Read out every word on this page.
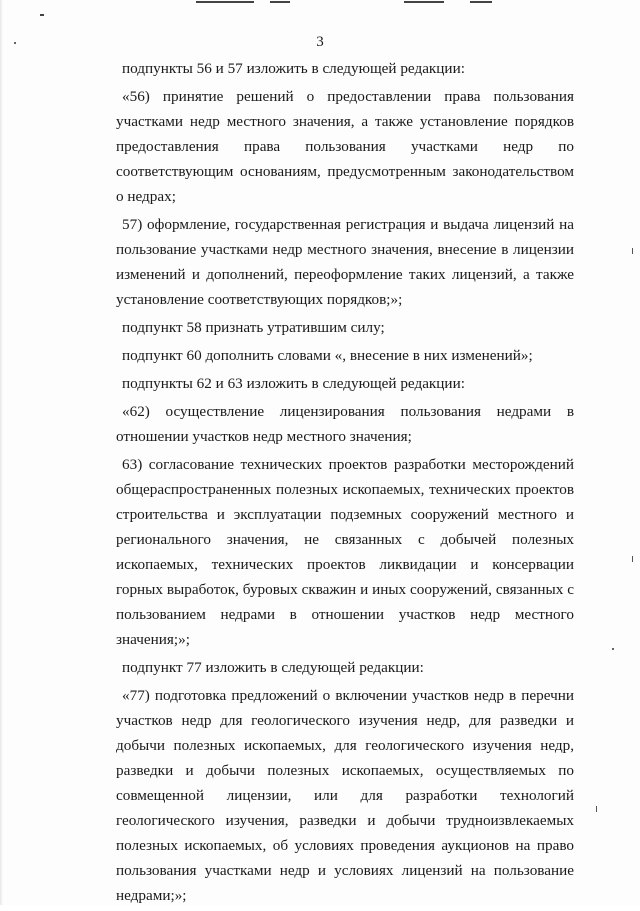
3

подпункты 56 и 57 изложить в следующей редакции:

«56) принятие решений о предоставлении права пользования участками недр местного значения, а также установление порядков предоставления права пользования участками недр по соответствующим основаниям, предусмотренным законодательством о недрах;

57) оформление, государственная регистрация и выдача лицензий на пользование участками недр местного значения, внесение в лицензии изменений и дополнений, переоформление таких лицензий, а также установление соответствующих порядков;»;

подпункт 58 признать утратившим силу;

подпункт 60 дополнить словами «, внесение в них изменений»;

подпункты 62 и 63 изложить в следующей редакции:

«62) осуществление лицензирования пользования недрами в отношении участков недр местного значения;

63) согласование технических проектов разработки месторождений общераспространенных полезных ископаемых, технических проектов строительства и эксплуатации подземных сооружений местного и регионального значения, не связанных с добычей полезных ископаемых, технических проектов ликвидации и консервации горных выработок, буровых скважин и иных сооружений, связанных с пользованием недрами в отношении участков недр местного значения;»;

подпункт 77 изложить в следующей редакции:

«77) подготовка предложений о включении участков недр в перечни участков недр для геологического изучения недр, для разведки и добычи полезных ископаемых, для геологического изучения недр, разведки и добычи полезных ископаемых, осуществляемых по совмещенной лицензии, или для разработки технологий геологического изучения, разведки и добычи трудноизвлекаемых полезных ископаемых, об условиях проведения аукционов на право пользования участками недр и условиях лицензий на пользование недрами;»;
